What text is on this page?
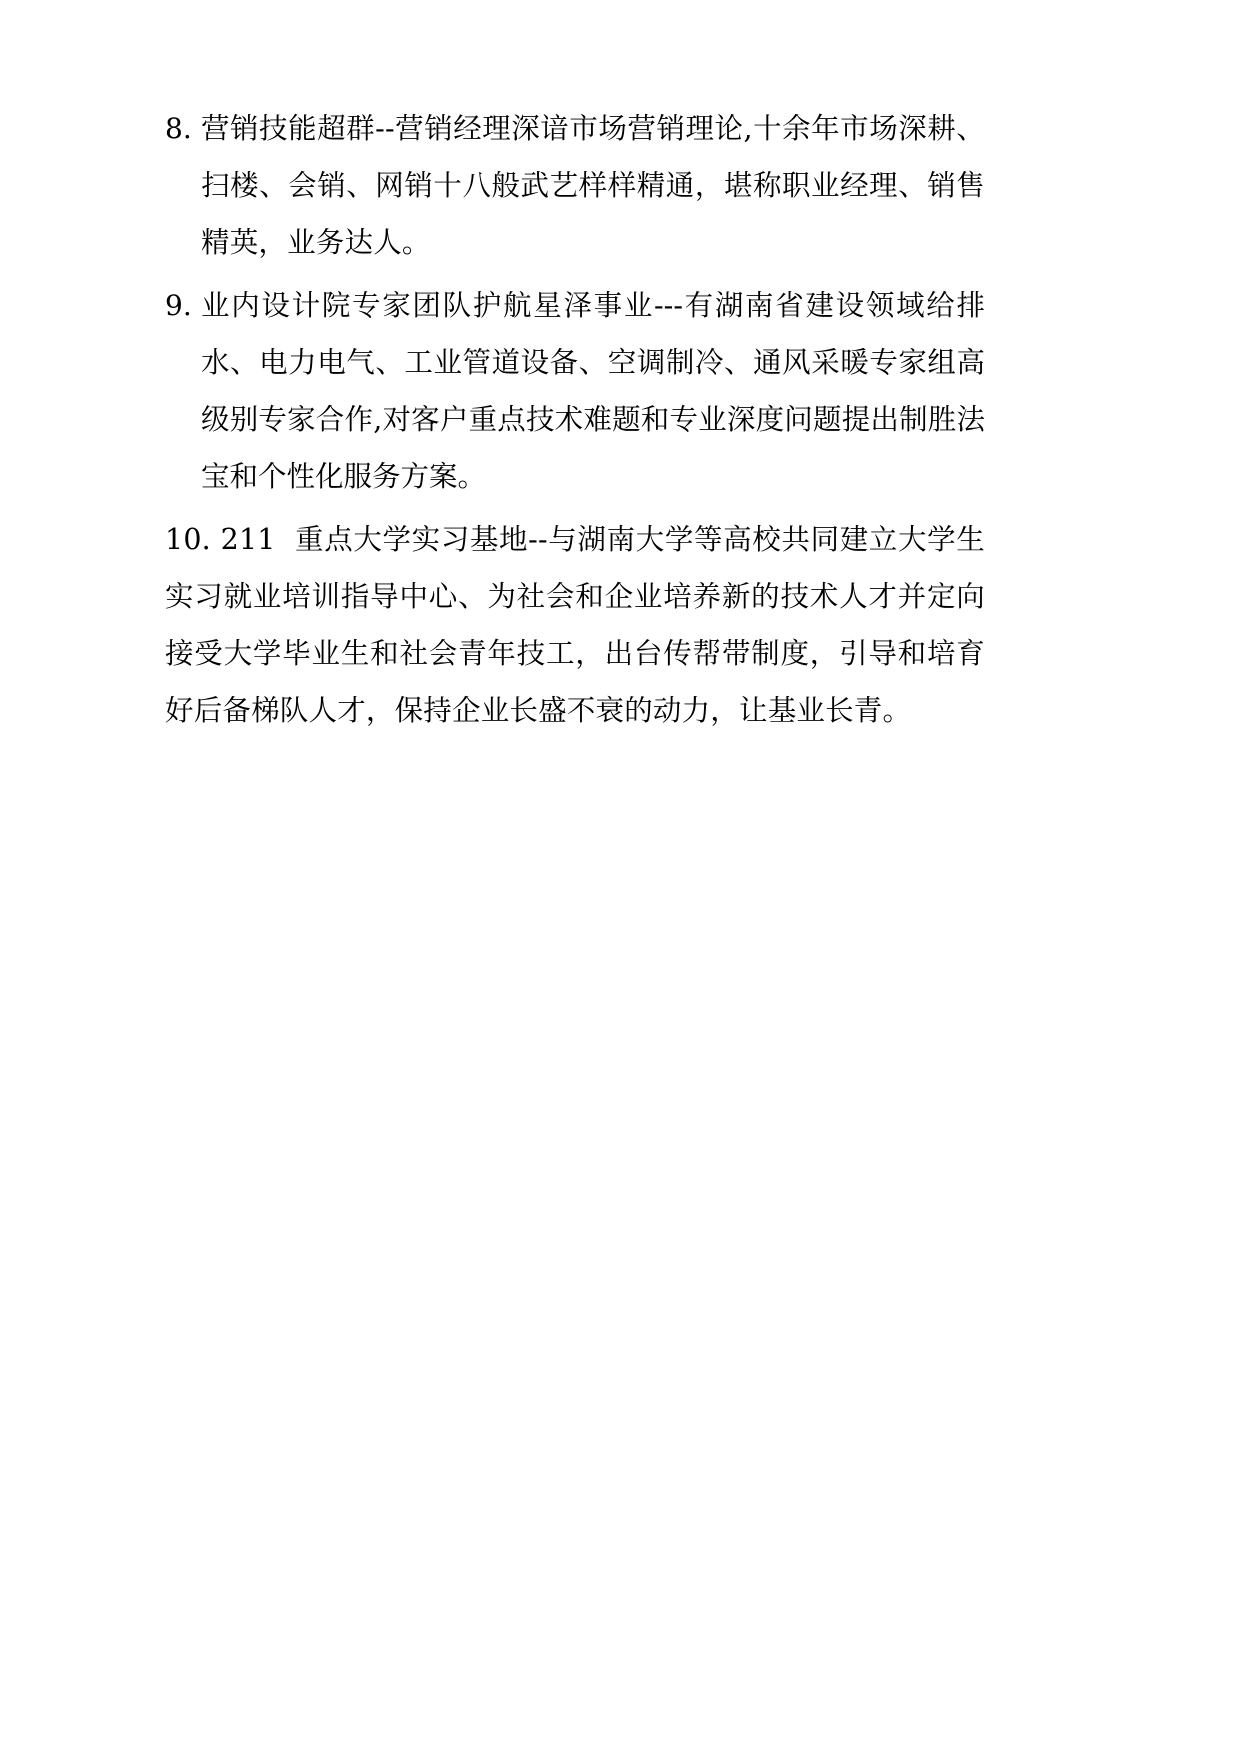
8. 营销技能超群--营销经理深谙市场营销理论,十余年市场深耕、扫楼、会销、网销十八般武艺样样精通，堪称职业经理、销售精英，业务达人。
9. 业内设计院专家团队护航星泽事业---有湖南省建设领域给排水、电力电气、工业管道设备、空调制冷、通风采暖专家组高级别专家合作,对客户重点技术难题和专业深度问题提出制胜法宝和个性化服务方案。
10. 211 重点大学实习基地--与湖南大学等高校共同建立大学生实习就业培训指导中心、为社会和企业培养新的技术人才并定向接受大学毕业生和社会青年技工，出台传帮带制度，引导和培育好后备梯队人才，保持企业长盛不衰的动力，让基业长青。
